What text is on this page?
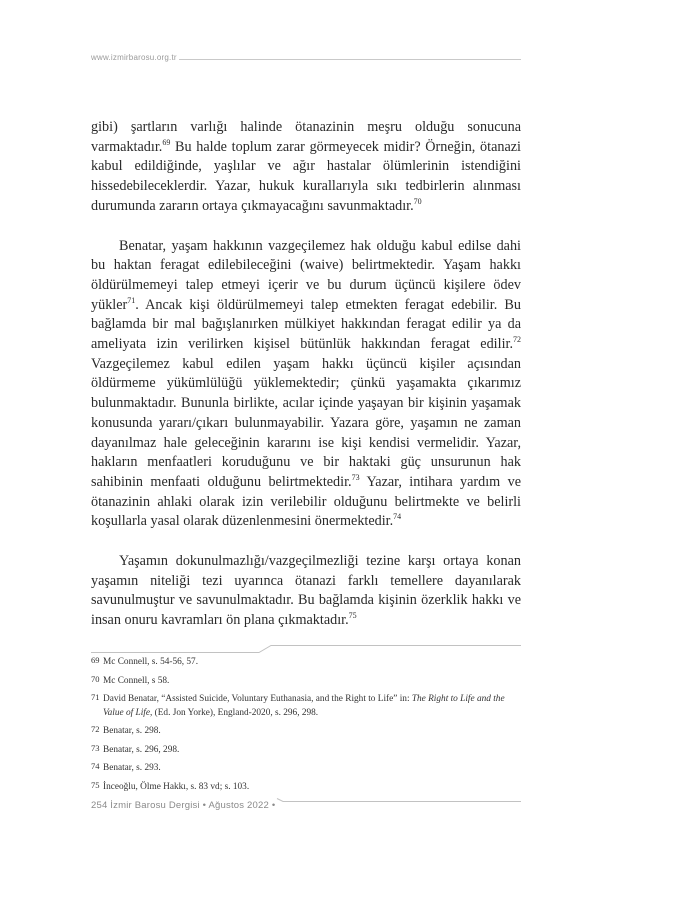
www.izmirbarosu.org.tr

gibi) şartların varlığı halinde ötanazinin meşru olduğu sonucuna varmaktadır.$^{69}$ Bu halde toplum zarar görmeyecek midir? Örneğin, ötanazi kabul edildiğinde, yaşlılar ve ağır hastalar ölümlerinin istendiğini hissedebileceklerdir. Yazar, hukuk kurallarıyla sıkı tedbirlerin alınması durumunda zararın ortaya çıkmayacağını savunmaktadır.$^{70}$

Benatar, yaşam hakkının vazgeçilemez hak olduğu kabul edilse dahi bu haktan feragat edilebileceğini (waive) belirtmektedir. Yaşam hakkı öldürülmemeyi talep etmeyi içerir ve bu durum üçüncü kişilere ödev yükler$^{71}$. Ancak kişi öldürülmemeyi talep etmekten feragat edebilir. Bu bağlamda bir mal bağışlanırken mülkiyet hakkından feragat edilir ya da ameliyata izin verilirken kişisel bütünlük hakkından feragat edilir.$^{72}$ Vazgeçilemez kabul edilen yaşam hakkı üçüncü kişiler açısından öldürmeme yükümlülüğü yüklemektedir; çünkü yaşamakta çıkarımız bulunmaktadır. Bununla birlikte, acılar içinde yaşayan bir kişinin yaşamak konusunda yararı/çıkarı bulunmayabilir. Yazara göre, yaşamın ne zaman dayanılmaz hale geleceğinin kararını ise kişi kendisi vermelidir. Yazar, hakların menfaatleri koruduğunu ve bir haktaki güç unsurunun hak sahibinin menfaati olduğunu belirtmektedir.$^{73}$ Yazar, intihara yardım ve ötanazinin ahlaki olarak izin verilebilir olduğunu belirtmekte ve belirli koşullarla yasal olarak düzenlenmesini önermektedir.$^{74}$

Yaşamın dokunulmazlığı/vazgeçilmezliği tezine karşı ortaya konan yaşamın niteliği tezi uyarınca ötanazi farklı temellere dayanılarak savunulmuştur ve savunulmaktadır. Bu bağlamda kişinin özerklik hakkı ve insan onuru kavramları ön plana çıkmaktadır.$^{75}$

69 Mc Connell, s. 54-56, 57.
70 Mc Connell, s 58.
71 David Benatar, “Assisted Suicide, Voluntary Euthanasia, and the Right to Life” in: The Right to Life and the Value of Life, (Ed. Jon Yorke), England-2020, s. 296, 298.
72 Benatar, s. 298.
73 Benatar, s. 296, 298.
74 Benatar, s. 293.
75 İnceoğlu, Ölme Hakkı, s. 83 vd; s. 103.
254 İzmir Barosu Dergisi • Ağustos 2022 •
